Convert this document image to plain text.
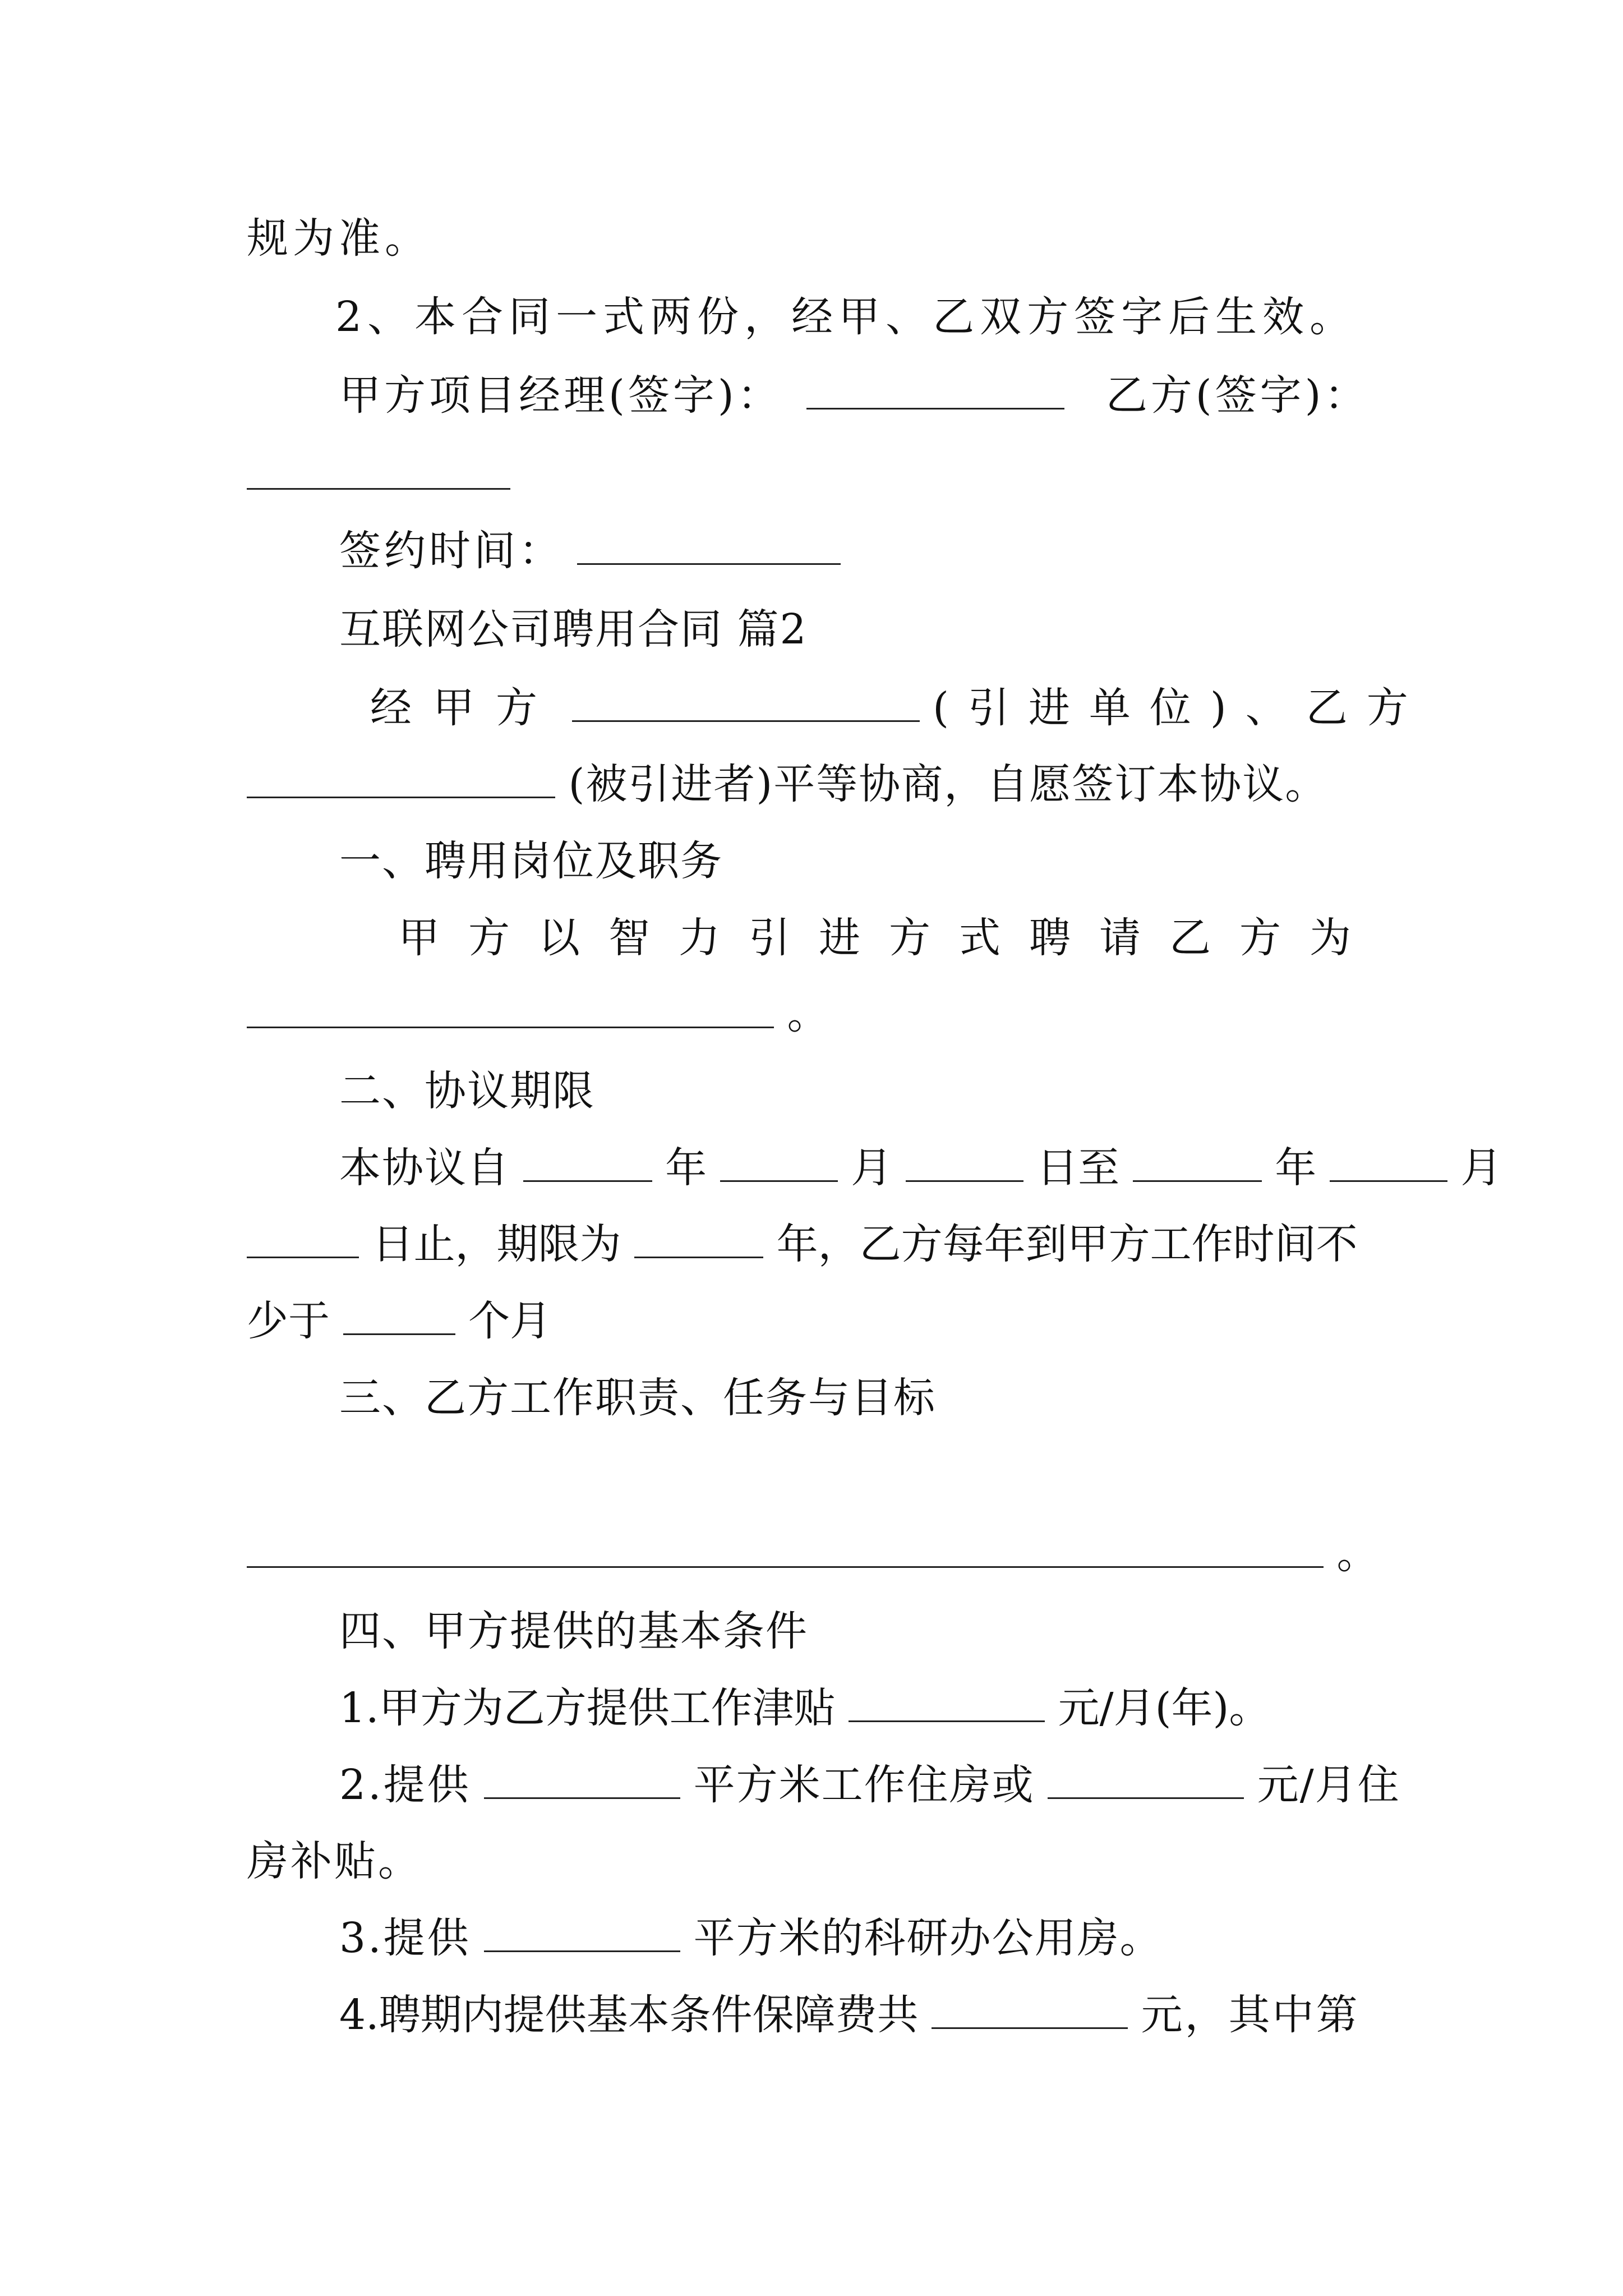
规为准。
2、本合同一式两份，经甲、乙双方签字后生效。
甲方项目经理(签字)：	乙方(签字)：
签约时间：
互联网公司聘用合同 篇2
经甲方	(引进单位)、乙方
(被引进者)平等协商，自愿签订本协议。
一、聘用岗位及职务
甲方以智力引进方式聘请乙方为
。
二、协议期限
本协议自	年	月	日至	年	月
日止，期限为	年，乙方每年到甲方工作时间不
少于	个月
三、乙方工作职责、任务与目标
。
四、甲方提供的基本条件
1.甲方为乙方提供工作津贴	元/月(年)。
2.提供	平方米工作住房或	元/月住
房补贴。
3.提供	平方米的科研办公用房。
4.聘期内提供基本条件保障费共	元，其中第
